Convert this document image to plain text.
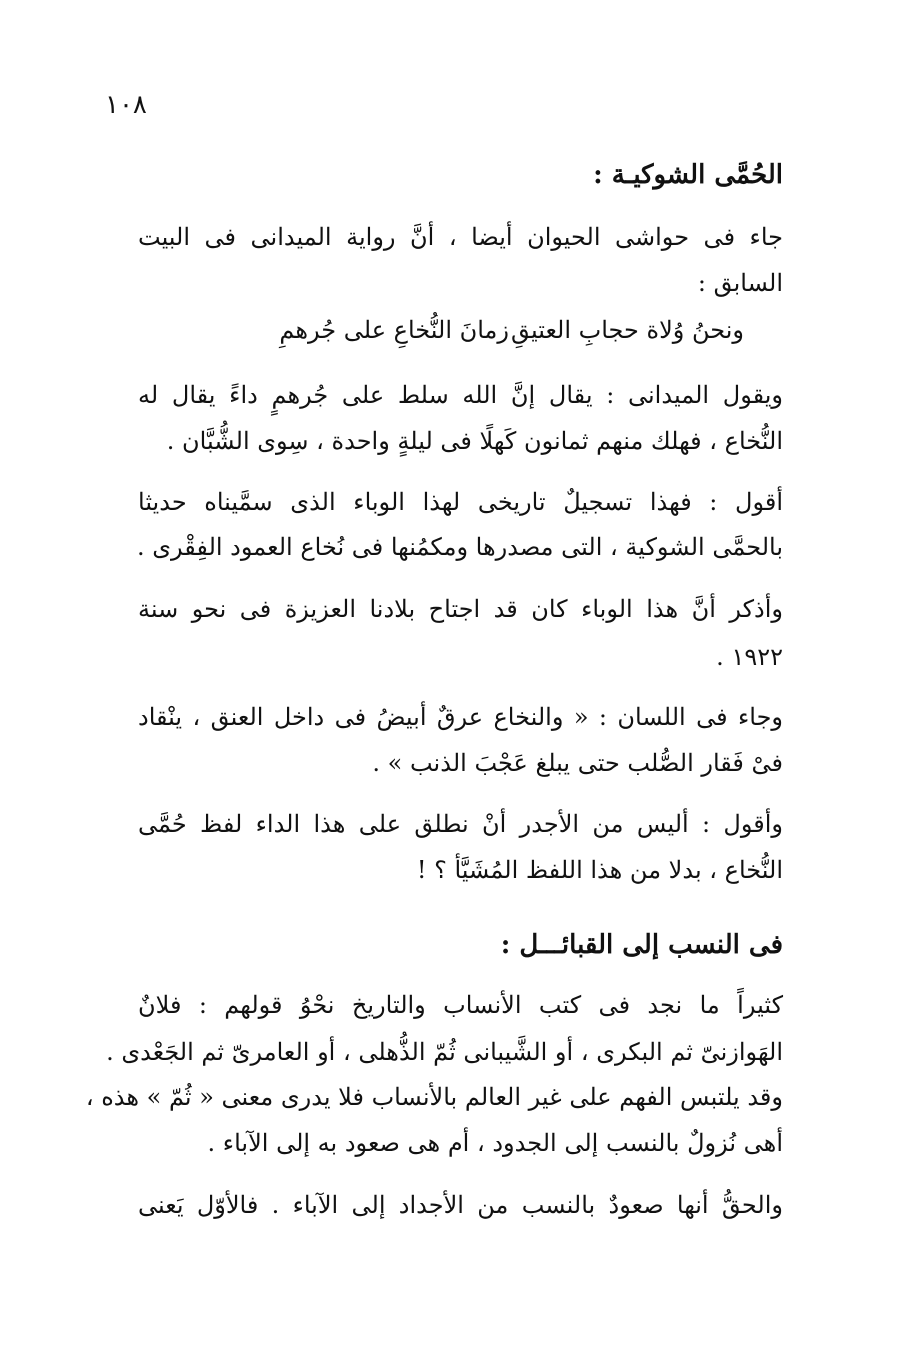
١٠٨
الحُمَّى الشوكيـة :
جاء فى حواشى الحيوان أيضا ، أنَّ رواية الميدانى فى البيت
السابق :
ونحنُ وُلاة حجابِ العتيقِ
زمانَ النُّخاعِ على جُرهمِ
ويقول الميدانى : يقال إنَّ الله سلط على جُرهمٍ داءً يقال له
النُّخاع ، فهلك منهم ثمانون كَهلًا فى ليلةٍ واحدة ، سِوى الشُّبَّان .
أقول : فهذا تسجيلٌ تاريخى لهذا الوباء الذى سمَّيناه حديثا
بالحمَّى الشوكية ، التى مصدرها ومكمُنها فى نُخاع العمود الفِقْرى .
وأذكر أنَّ هذا الوباء كان قد اجتاح بلادنا العزيزة فى نحو سنة
١٩٢٢ .
وجاء فى اللسان : « والنخاع عرقٌ أبيضُ فى داخل العنق ، ينْقاد
فىْ فَقار الصُّلب حتى يبلغ عَجْبَ الذنب » .
وأقول : أليس من الأجدر أنْ نطلق على هذا الداء لفظ حُمَّى
النُّخاع ، بدلا من هذا اللفظ المُشَيَّأ ؟ !
فى النسب إلى القبائـــل :
كثيراً ما نجد فى كتب الأنساب والتاريخ نحْوُ قولهم : فلانٌ
الهَوازنىّ ثم البكرى ، أو الشَّيبانى ثُمّ الذُّهلى ، أو العامرىّ ثم الجَعْدى .
وقد يلتبس الفهم على غير العالم بالأنساب فلا يدرى معنى « ثُمّ » هذه ،
أهى نُزولٌ بالنسب إلى الجدود ، أم هى صعود به إلى الآباء .
والحقُّ أنها صعودٌ بالنسب من الأجداد إلى الآباء . فالأوّل يَعنى
